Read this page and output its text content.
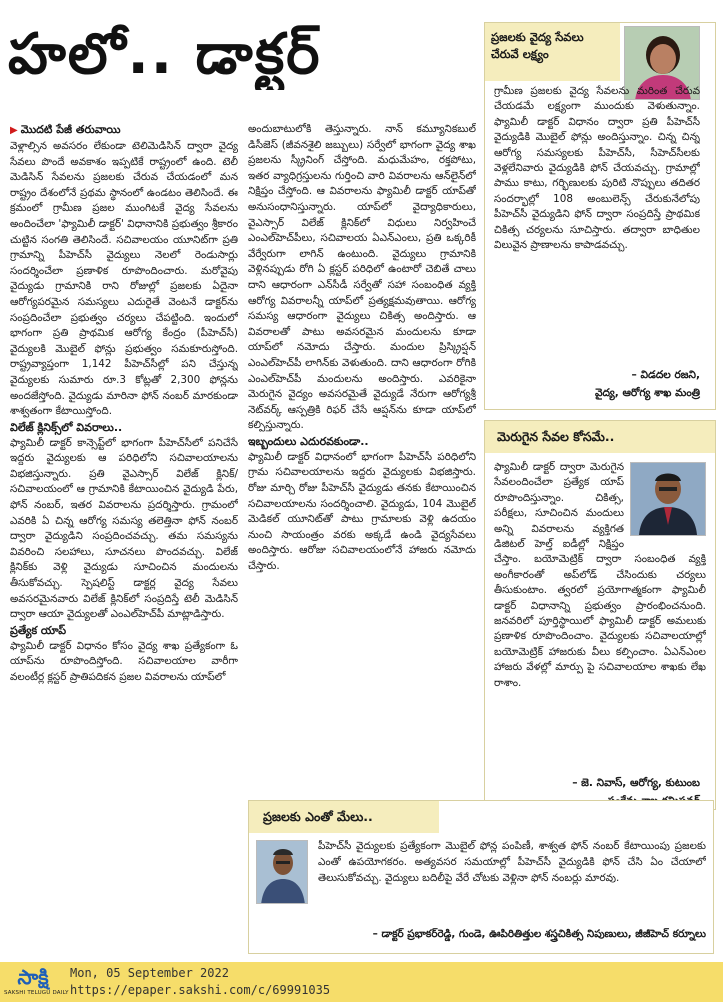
హలో.. డాక్టర్

▶ మొదటి పేజీ తరువాయి

వెళ్లాల్సిన అవసరం లేకుండా టెలిమెడిసిన్ ద్వారా వైద్య సేవలు పొందే అవకాశం ఇప్పటికే రాష్ట్రంలో ఉంది. టెలీ మెడిసిన్ సేవలను ప్రజలకు చేరువ చేయడంలో మన రాష్ట్రం దేశంలోనే ప్రథమ స్థానంలో ఉండటం తెలిసిందే. ఈ క్రమంలో గ్రామీణ ప్రజల ముంగిటకే వైద్య సేవలను అందించేలా 'ఫ్యామిలీ డాక్టర్' విధానానికి ప్రభుత్వం శ్రీకారం చుట్టిన సంగతి తెలిసిందే. సచివాలయం యూనిట్‌గా ప్రతి గ్రామాన్ని పీహెచ్‌సీ వైద్యులు నెలలో రెండుసార్లు సందర్శించేలా ప్రణాళిక రూపొందించారు. మరోవైపు వైద్యుడు గ్రామానికి రాని రోజుల్లో ప్రజలకు ఏదైనా ఆరోగ్యపరమైన సమస్యలు ఎదురైతే వెంటనే డాక్టర్‌ను సంప్రదించేలా ప్రభుత్వం చర్యలు చేపట్టింది. ఇందులో భాగంగా ప్రతి ప్రాథమిక ఆరోగ్య కేంద్రం (పీహెచ్‌సీ) వైద్యులకి మొబైల్ ఫోన్లు ప్రభుత్వం సమకూరుస్తోంది. రాష్ట్రవ్యాప్తంగా 1,142 పీహెచ్‌సీల్లో పని చేస్తున్న వైద్యులకు సుమారు రూ.3 కోట్లతో 2,300 ఫోన్లను అందజేస్తోంది. వైద్యుడు మారినా ఫోన్ నంబర్ మారకుండా శాశ్వతంగా కేటాయిస్తోంది.

విలేజ్ క్లినిక్స్‌లో వివరాలు..

ఫ్యామిలీ డాక్టర్ కాన్సెప్ట్‌లో భాగంగా పీహెచ్‌సీలో పనిచేసే ఇద్దరు వైద్యులకు ఆ పరిధిలోని సచివాలయాలను విభజిస్తున్నారు. ప్రతి వైఎస్సార్ విలేజ్ క్లినిక్/సచివాలయంలో ఆ గ్రామానికి కేటాయించిన వైద్యుడి పేరు, ఫోన్ నంబర్, ఇతర వివరాలను ప్రదర్శిస్తారు. గ్రామంలో ఎవరికి ఏ చిన్న ఆరోగ్య సమస్య తలెత్తినా ఫోన్ నంబర్ ద్వారా వైద్యుడిని సంప్రదించవచ్చు. తమ సమస్యను వివరించి సలహాలు, సూచనలు పొందవచ్చు. విలేజ్ క్లినిక్‌కు వెళ్లి వైద్యుడు సూచించిన మందులను తీసుకోవచ్చు. స్పెషలిస్ట్ డాక్టర్ల వైద్య సేవలు అవసరమైనవారు విలేజ్ క్లినిక్‌లో సంప్రదిస్తే టెలీ మెడిసిన్ ద్వారా ఆయా వైద్యులతో ఎంఎల్‌హెచ్‌పీ మాట్లాడిస్తారు.

ప్రత్యేక యాప్

ఫ్యామిలీ డాక్టర్ విధానం కోసం వైద్య శాఖ ప్రత్యేకంగా ఓ యాప్‌ను రూపొందిస్తోంది. సచివాలయాల వారీగా వలంటీర్ల క్లస్టర్ ప్రాతిపదికన ప్రజల వివరాలను యాప్‌లో

అందుబాటులోకి తెస్తున్నారు. నాన్ కమ్యూనికబుల్ డిసీజెస్ (జీవనశైలి జబ్బులు) సర్వేలో భాగంగా వైద్య శాఖ ప్రజలను స్క్రీనింగ్ చేస్తోంది. మధుమేహం, రక్తపోటు, ఇతర వ్యాధిగ్రస్తులను గుర్తించి వారి వివరాలను ఆన్‌లైన్‌లో నిక్షిప్తం చేస్తోంది. ఆ వివరాలను ఫ్యామిలీ డాక్టర్ యాప్‌తో అనుసంధానిస్తున్నారు. యాప్‌లో వైద్యాధికారులు, వైఎస్సార్ విలేజ్ క్లినిక్‌లో విధులు నిర్వహించే ఎంఎల్‌హెచ్‌పీలు, సచివాలయ ఏఎన్‌ఎంలు, ప్రతి ఒక్కరికీ వేర్వేరుగా లాగిన్ ఉంటుంది. వైద్యులు గ్రామానికి వెళ్లినప్పుడు రోగి ఏ క్లస్టర్ పరిధిలో ఉంటారో చెబితే చాలు దాని ఆధారంగా ఎన్‌సీడీ సర్వేతో సహా సంబంధిత వ్యక్తి ఆరోగ్య వివరాలన్నీ యాప్‌లో ప్రత్యక్షమవుతాయి. ఆరోగ్య సమస్య ఆధారంగా వైద్యులు చికిత్స అందిస్తారు. ఆ వివరాలతో పాటు అవసరమైన మందులను కూడా యాప్‌లో నమోదు చేస్తారు. మందుల ప్రిస్క్రిప్షన్ ఎంఎల్‌హెచ్‌పీ లాగిన్‌కు వెళుతుంది. దాని ఆధారంగా రోగికి ఎంఎల్‌హెచ్‌పీ మందులను అందిస్తారు. ఎవరికైనా మెరుగైన వైద్యం అవసరమైతే వైద్యుడే నేరుగా ఆరోగ్యశ్రీ నెట్‌వర్క్ ఆస్పత్రికి రిఫర్ చేసే ఆప్షన్‌ను కూడా యాప్‌లో కల్పిస్తున్నారు.

ఇబ్బందులు ఎదురవకుండా..

ఫ్యామిలీ డాక్టర్ విధానంలో భాగంగా పీహెచ్‌సీ పరిధిలోని గ్రామ సచివాలయాలను ఇద్దరు వైద్యులకు విభజిస్తారు. రోజు మార్చి రోజు పీహెచ్‌సీ వైద్యుడు తనకు కేటాయించిన సచివాలయాలను సందర్శించాలి. వైద్యుడు, 104 మొబైల్ మెడికల్ యూనిట్‌తో పాటు గ్రామాలకు వెళ్లి ఉదయం నుంచి సాయంత్రం వరకు అక్కడే ఉండి వైద్యసేవలు అందిస్తారు. ఆరోజు సచివాలయంలోనే హాజరు నమోదు చేస్తారు.

ప్రజలకు వైద్య సేవలు చేరువే లక్ష్యం
గ్రామీణ ప్రజలకు వైద్య సేవలను మరింత చేరువ చేయడమే లక్ష్యంగా ముందుకు వెళుతున్నాం. ఫ్యామిలీ డాక్టర్ విధానం ద్వారా ప్రతి పీహెచ్‌సీ వైద్యుడికి మొబైల్ ఫోన్లు అందిస్తున్నాం. చిన్న చిన్న ఆరోగ్య సమస్యలకు పీహెచ్‌సీ, సీహెచ్‌సీలకు వెళ్లలేనివారు వైద్యుడికి ఫోన్ చేయవచ్చు. గ్రామాల్లో పాము కాటు, గర్భిణులకు పురిటి నొప్పులు తదితర సందర్భాల్లో 108 అంబులెన్స్ చేరుకునేలోపు పీహెచ్‌సీ వైద్యుడిని ఫోన్ ద్వారా సంప్రదిస్తే ప్రాథమిక చికిత్స చర్యలను సూచిస్తారు. తద్వారా బాధితుల విలువైన ప్రాణాలను కాపాడవచ్చు.
– విడదల రజని,
వైద్య, ఆరోగ్య శాఖ మంత్రి
మెరుగైన సేవల కోసమే..
ఫ్యామిలీ డాక్టర్ ద్వారా మెరుగైన సేవలందించేలా ప్రత్యేక యాప్ రూపొందిస్తున్నాం. చికిత్స, పరీక్షలు, సూచించిన మందులు అన్ని వివరాలను వ్యక్తిగత డిజిటల్ హెల్త్ ఐడీల్లో నిక్షిప్తం చేస్తాం. బయోమెట్రిక్ ద్వారా సంబంధిత వ్యక్తి అంగీకారంతో అప్‌లోడ్ చేసిందుకు చర్యలు తీసుకుంటాం. త్వరలో ప్రయోగాత్మకంగా ఫ్యామిలీ డాక్టర్ విధానాన్ని ప్రభుత్వం ప్రారంభించనుంది. జనవరిలో పూర్తిస్థాయిలో ఫ్యామిలీ డాక్టర్ అమలుకు ప్రణాళిక రూపొందించాం. వైద్యులకు సచివాలయాల్లో బయోమెట్రిక్ హాజరుకు వీలు కల్పించాం. ఏఎన్‌ఎంల హాజరు వేళల్లో మార్పు పై సచివాలయాల శాఖకు లేఖ రాశాం.
– జె. నివాస్, ఆరోగ్య, కుటుంబ
ప్రజలకు ఎంతో మేలు..
పీహెచ్‌సీ వైద్యులకు ప్రత్యేకంగా మొబైల్ ఫోన్ల పంపిణీ, శాశ్వత ఫోన్ నంబర్ కేటాయింపు ప్రజలకు ఎంతో ఉపయోగకరం. అత్యవసర సమయాల్లో పీహెచ్‌సీ వైద్యుడికి ఫోన్ చేసి ఏం చేయాలో తెలుసుకోవచ్చు. వైద్యులు బదిలీపై వేరే చోటకు వెళ్లినా ఫోన్ నంబర్లు మారవు.
– డాక్టర్ ప్రభాకర్‌రెడ్డి, గుండె, ఊపిరితిత్తుల శస్త్రచికిత్స నిపుణులు, జీజీహెచ్ కర్నూలు
సాక్షి
SAKSHI TELUGU DAILY
Mon, 05 September 2022
https://epaper.sakshi.com/c/69991035
